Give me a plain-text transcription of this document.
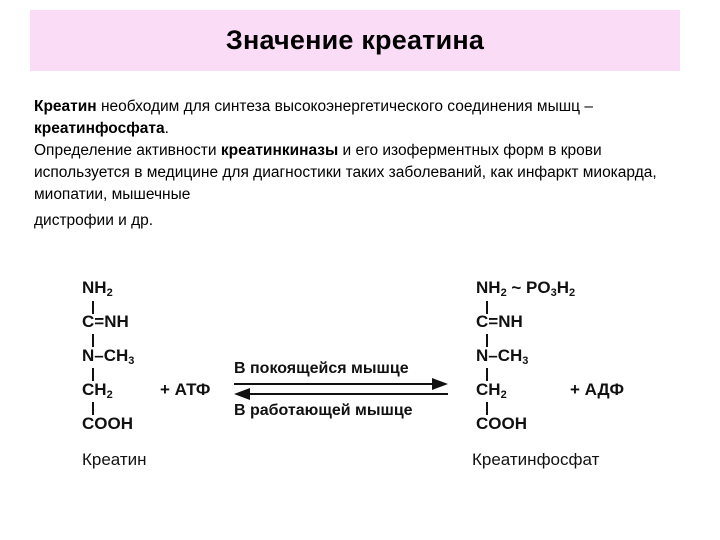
Значение креатина

Креатин необходим для синтеза высокоэнергетического соединения мышц – креатинфосфата.

Определение активности креатинкиназы и его изоферментных форм в крови используется в медицине для диагностики таких заболеваний, как инфаркт миокарда, миопатии, мышечные

дистрофии и др.

$NH_2$
C=NH
$N-CH_3$
$CH_2$
COOH
Креатин
+ АТФ
В покоящейся мышце
В работающей мышце
$NH_2$ ~ $PO_3H_2$
C=NH
$N-CH_3$
$CH_2$
COOH
Креатинфосфат
+ АДФ
